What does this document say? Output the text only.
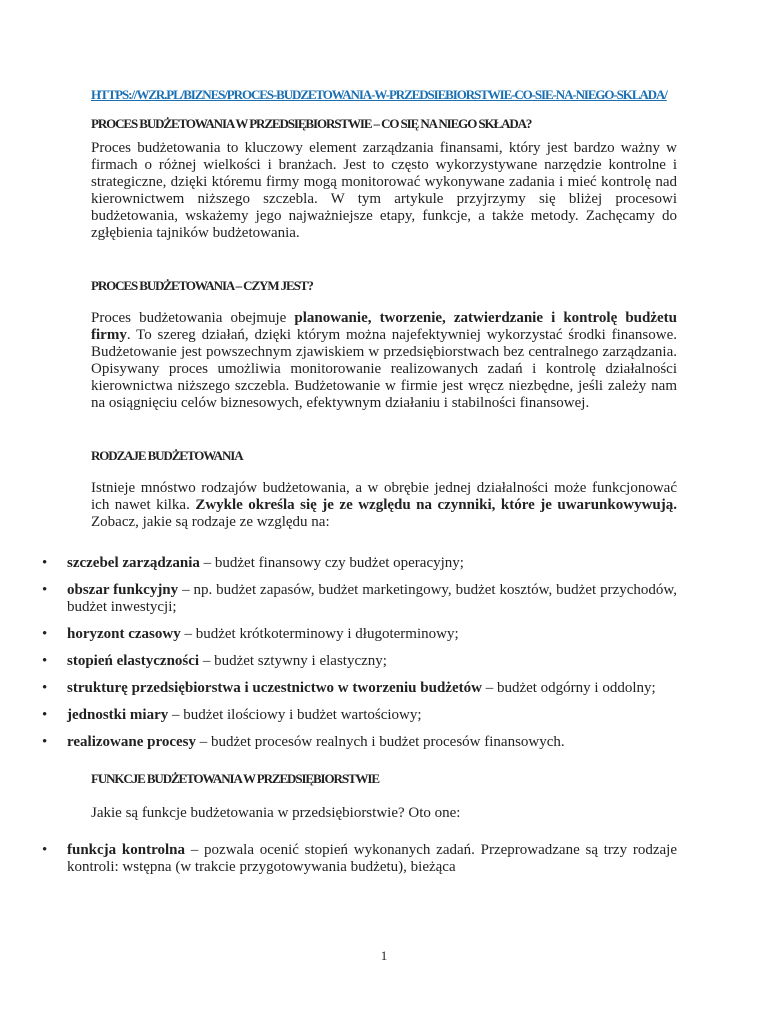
HTTPS://WZR.PL/BIZNES/PROCES-BUDZETOWANIA-W-PRZEDSIEBIORSTWIE-CO-SIE-NA-NIEGO-SKLADA/
PROCES BUDŻETOWANIA W PRZEDSIĘBIORSTWIE – CO SIĘ NA NIEGO SKŁADA?

Proces budżetowania to kluczowy element zarządzania finansami, który jest bardzo ważny w firmach o różnej wielkości i branżach. Jest to często wykorzystywane narzędzie kontrolne i strategiczne, dzięki któremu firmy mogą monitorować wykonywane zadania i mieć kontrolę nad kierownictwem niższego szczebla. W tym artykule przyjrzymy się bliżej procesowi budżetowania, wskażemy jego najważniejsze etapy, funkcje, a także metody. Zachęcamy do zgłębienia tajników budżetowania.

PROCES BUDŻETOWANIA – CZYM JEST?

Proces budżetowania obejmuje planowanie, tworzenie, zatwierdzanie i kontrolę budżetu firmy. To szereg działań, dzięki którym można najefektywniej wykorzystać środki finansowe. Budżetowanie jest powszechnym zjawiskiem w przedsiębiorstwach bez centralnego zarządzania. Opisywany proces umożliwia monitorowanie realizowanych zadań i kontrolę działalności kierownictwa niższego szczebla. Budżetowanie w firmie jest wręcz niezbędne, jeśli zależy nam na osiągnięciu celów biznesowych, efektywnym działaniu i stabilności finansowej.

RODZAJE BUDŻETOWANIA

Istnieje mnóstwo rodzajów budżetowania, a w obrębie jednej działalności może funkcjonować ich nawet kilka. Zwykle określa się je ze względu na czynniki, które je uwarunkowywują. Zobacz, jakie są rodzaje ze względu na:

• szczebel zarządzania – budżet finansowy czy budżet operacyjny;
• obszar funkcyjny – np. budżet zapasów, budżet marketingowy, budżet kosztów, budżet przychodów, budżet inwestycji;
• horyzont czasowy – budżet krótkoterminowy i długoterminowy;
• stopień elastyczności – budżet sztywny i elastyczny;
• strukturę przedsiębiorstwa i uczestnictwo w tworzeniu budżetów – budżet odgórny i oddolny;
• jednostki miary – budżet ilościowy i budżet wartościowy;
• realizowane procesy – budżet procesów realnych i budżet procesów finansowych.
FUNKCJE BUDŻETOWANIA W PRZEDSIĘBIORSTWIE

Jakie są funkcje budżetowania w przedsiębiorstwie? Oto one:

• funkcja kontrolna – pozwala ocenić stopień wykonanych zadań. Przeprowadzane są trzy rodzaje kontroli: wstępna (w trakcie przygotowywania budżetu), bieżąca
1
